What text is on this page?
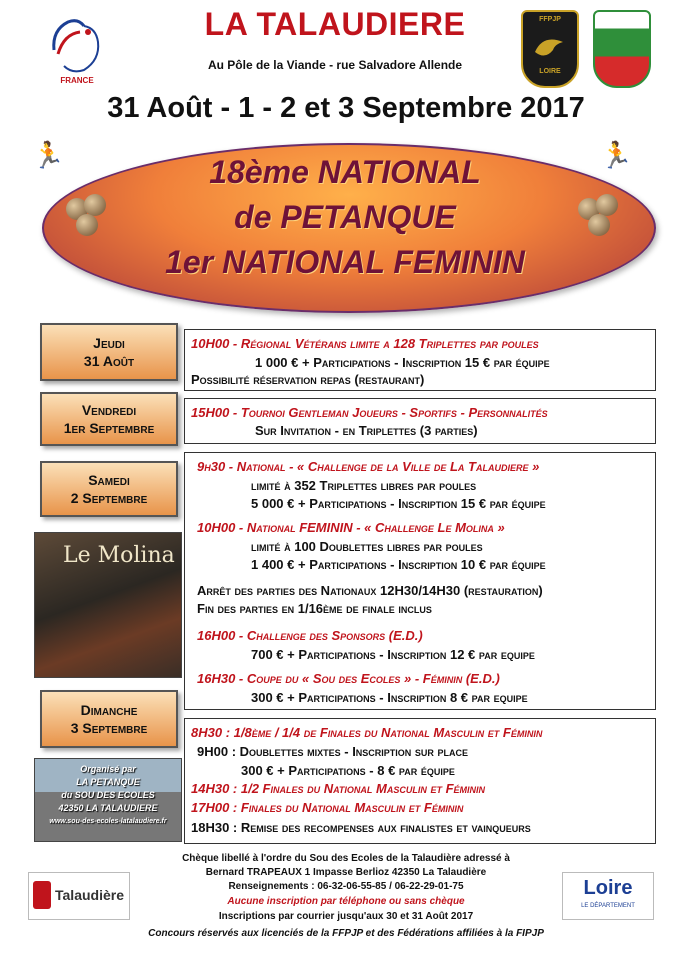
FRANCE
LA TALAUDIERE
Au Pôle de la Viande - rue Salvadore Allende
FFPJP
LOIRE
31 Août - 1 - 2 et 3 Septembre 2017
18ème NATIONAL
de PETANQUE
1er NATIONAL FEMININ
🏃	🏃
Jeudi
31 Août
Vendredi
1er Septembre
Samedi
2 Septembre
Dimanche
3 Septembre
10H00 - Régional Vétérans limite a 128 Triplettes par poules
1 000 € + Participations - Inscription 15 € par équipe
Possibilité réservation repas (restaurant)
15H00 - Tournoi Gentleman Joueurs - Sportifs - Personnalités
Sur Invitation - en Triplettes (3 parties)
9h30 - National - « Challenge de la Ville de La Talaudiere »
limité à 352 Triplettes libres par poules
5 000 € + Participations - Inscription 15 € par équipe
10H00 - National FEMININ - « Challenge Le Molina »
limité à 100 Doublettes libres par poules
1 400 € + Participations - Inscription 10 € par équipe
Arrêt des parties des Nationaux 12H30/14H30 (restauration)
Fin des parties en 1/16ème de finale inclus
16H00 - Challenge des Sponsors (E.D.)
700 € + Participations - Inscription 12 € par equipe
16H30 - Coupe du « Sou des Ecoles » - Féminin (E.D.)
300 € + Participations - Inscription 8 € par equipe
8H30 : 1/8ème / 1/4 de Finales du National Masculin et Féminin
9H00 : Doublettes mixtes - Inscription sur place
300 € + Participations - 8 € par équipe
14H30 : 1/2 Finales du National Masculin et Féminin
17H00 : Finales du National Masculin et Féminin
18H30 : Remise des recompenses aux finalistes et vainqueurs
Le Molina
Organisé par
LA PETANQUE
du SOU DES ECOLES
42350 LA TALAUDIERE
www.sou-des-ecoles-latalaudiere.fr
Talaudière	Loire
LE DÉPARTEMENT
Chèque libellé à l'ordre du Sou des Ecoles de la Talaudière adressé à
Bernard TRAPEAUX 1 Impasse Berlioz 42350 La Talaudière
Renseignements : 06-32-06-55-85 / 06-22-29-01-75
Aucune inscription par téléphone ou sans chèque
Inscriptions par courrier jusqu'aux 30 et 31 Août 2017
Concours réservés aux licenciés de la FFPJP et des Fédérations affiliées à la FIPJP
